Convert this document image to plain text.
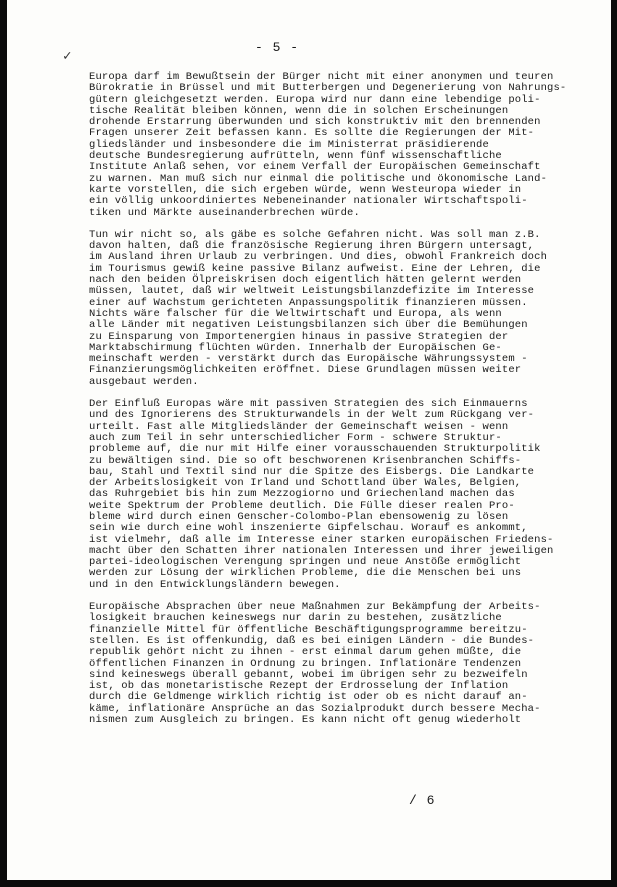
✓
- 5 -
Europa darf im Bewußtsein der Bürger nicht mit einer anonymen und teuren
Bürokratie in Brüssel und mit Butterbergen und Degenerierung von Nahrungs-
gütern gleichgesetzt werden. Europa wird nur dann eine lebendige poli-
tische Realität bleiben können, wenn die in solchen Erscheinungen
drohende Erstarrung überwunden und sich konstruktiv mit den brennenden
Fragen unserer Zeit befassen kann. Es sollte die Regierungen der Mit-
gliedsländer und insbesondere die im Ministerrat präsidierende
deutsche Bundesregierung aufrütteln, wenn fünf wissenschaftliche
Institute Anlaß sehen, vor einem Verfall der Europäischen Gemeinschaft
zu warnen. Man muß sich nur einmal die politische und ökonomische Land-
karte vorstellen, die sich ergeben würde, wenn Westeuropa wieder in
ein völlig unkoordiniertes Nebeneinander nationaler Wirtschaftspoli-
tiken und Märkte auseinanderbrechen würde.
Tun wir nicht so, als gäbe es solche Gefahren nicht. Was soll man z.B.
davon halten, daß die französische Regierung ihren Bürgern untersagt,
im Ausland ihren Urlaub zu verbringen. Und dies, obwohl Frankreich doch
im Tourismus gewiß keine passive Bilanz aufweist. Eine der Lehren, die
nach den beiden Ölpreiskrisen doch eigentlich hätten gelernt werden
müssen, lautet, daß wir weltweit Leistungsbilanzdefizite im Interesse
einer auf Wachstum gerichteten Anpassungspolitik finanzieren müssen.
Nichts wäre falscher für die Weltwirtschaft und Europa, als wenn
alle Länder mit negativen Leistungsbilanzen sich über die Bemühungen
zu Einsparung von Importenergien hinaus in passive Strategien der
Marktabschirmung flüchten würden. Innerhalb der Europäischen Ge-
meinschaft werden - verstärkt durch das Europäische Währungssystem -
Finanzierungsmöglichkeiten eröffnet. Diese Grundlagen müssen weiter
ausgebaut werden.
Der Einfluß Europas wäre mit passiven Strategien des sich Einmauerns
und des Ignorierens des Strukturwandels in der Welt zum Rückgang ver-
urteilt. Fast alle Mitgliedsländer der Gemeinschaft weisen - wenn
auch zum Teil in sehr unterschiedlicher Form - schwere Struktur-
probleme auf, die nur mit Hilfe einer vorausschauenden Strukturpolitik
zu bewältigen sind. Die so oft beschworenen Krisenbranchen Schiffs-
bau, Stahl und Textil sind nur die Spitze des Eisbergs. Die Landkarte
der Arbeitslosigkeit von Irland und Schottland über Wales, Belgien,
das Ruhrgebiet bis hin zum Mezzogiorno und Griechenland machen das
weite Spektrum der Probleme deutlich. Die Fülle dieser realen Pro-
bleme wird durch einen Genscher-Colombo-Plan ebensowenig zu lösen
sein wie durch eine wohl inszenierte Gipfelschau. Worauf es ankommt,
ist vielmehr, daß alle im Interesse einer starken europäischen Friedens-
macht über den Schatten ihrer nationalen Interessen und ihrer jeweiligen
partei-ideologischen Verengung springen und neue Anstöße ermöglicht
werden zur Lösung der wirklichen Probleme, die die Menschen bei uns
und in den Entwicklungsländern bewegen.
Europäische Absprachen über neue Maßnahmen zur Bekämpfung der Arbeits-
losigkeit brauchen keineswegs nur darin zu bestehen, zusätzliche
finanzielle Mittel für öffentliche Beschäftigungsprogramme bereitzu-
stellen. Es ist offenkundig, daß es bei einigen Ländern - die Bundes-
republik gehört nicht zu ihnen - erst einmal darum gehen müßte, die
öffentlichen Finanzen in Ordnung zu bringen. Inflationäre Tendenzen
sind keineswegs überall gebannt, wobei im übrigen sehr zu bezweifeln
ist, ob das monetaristische Rezept der Erdrosselung der Inflation
durch die Geldmenge wirklich richtig ist oder ob es nicht darauf an-
käme, inflationäre Ansprüche an das Sozialprodukt durch bessere Mecha-
nismen zum Ausgleich zu bringen. Es kann nicht oft genug wiederholt
/ 6
